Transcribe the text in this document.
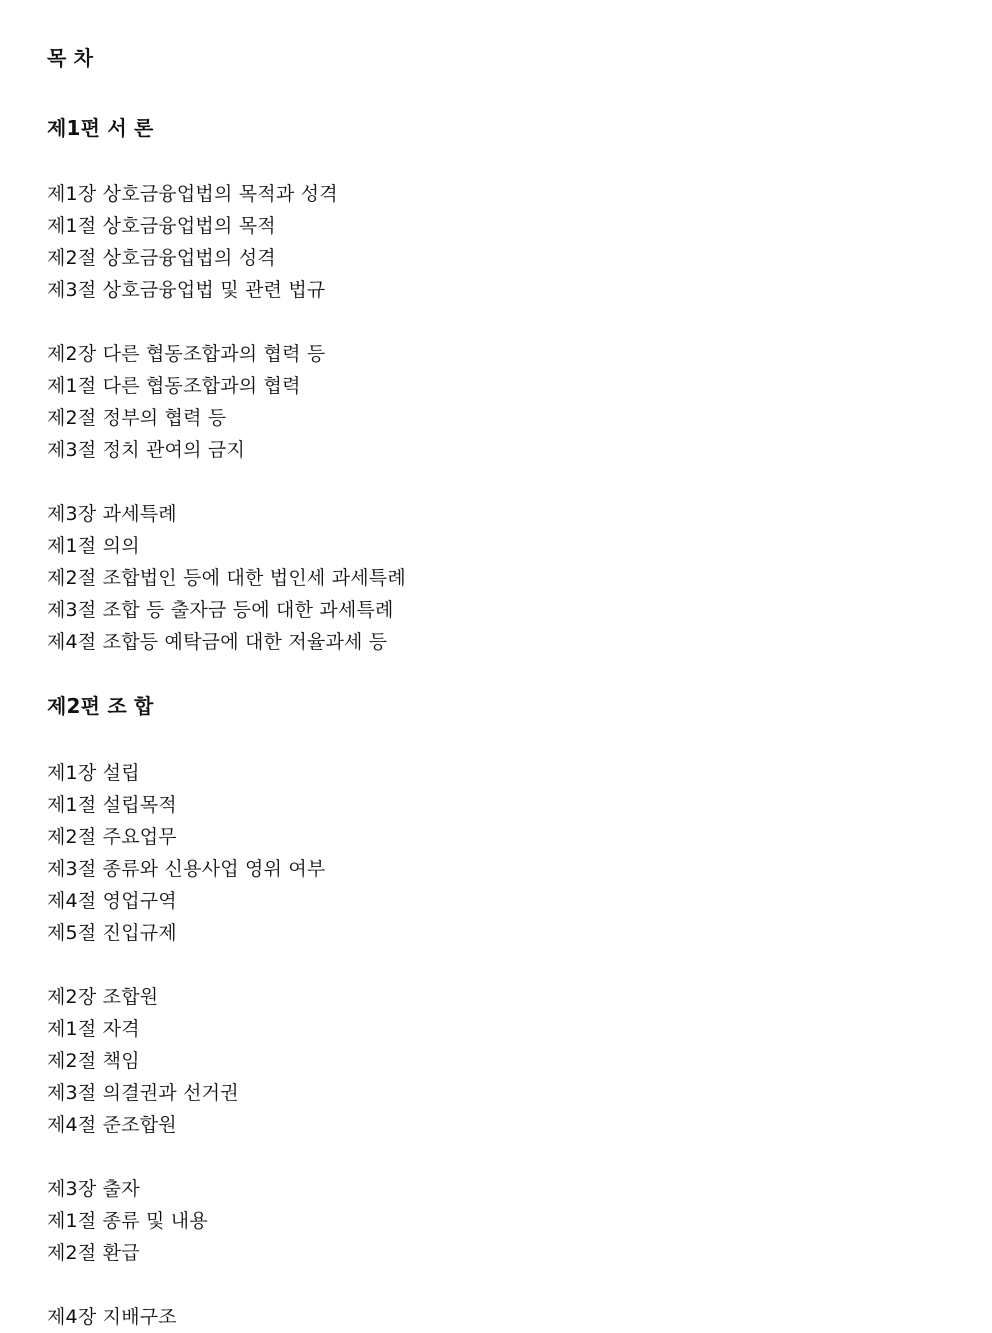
목 차
제1편 서 론
제1장 상호금융업법의 목적과 성격
제1절 상호금융업법의 목적
제2절 상호금융업법의 성격
제3절 상호금융업법 및 관련 법규
제2장 다른 협동조합과의 협력 등
제1절 다른 협동조합과의 협력
제2절 정부의 협력 등
제3절 정치 관여의 금지
제3장 과세특례
제1절 의의
제2절 조합법인 등에 대한 법인세 과세특례
제3절 조합 등 출자금 등에 대한 과세특례
제4절 조합등 예탁금에 대한 저율과세 등
제2편 조 합
제1장 설립
제1절 설립목적
제2절 주요업무
제3절 종류와 신용사업 영위 여부
제4절 영업구역
제5절 진입규제
제2장 조합원
제1절 자격
제2절 책임
제3절 의결권과 선거권
제4절 준조합원
제3장 출자
제1절 종류 및 내용
제2절 환급
제4장 지배구조
